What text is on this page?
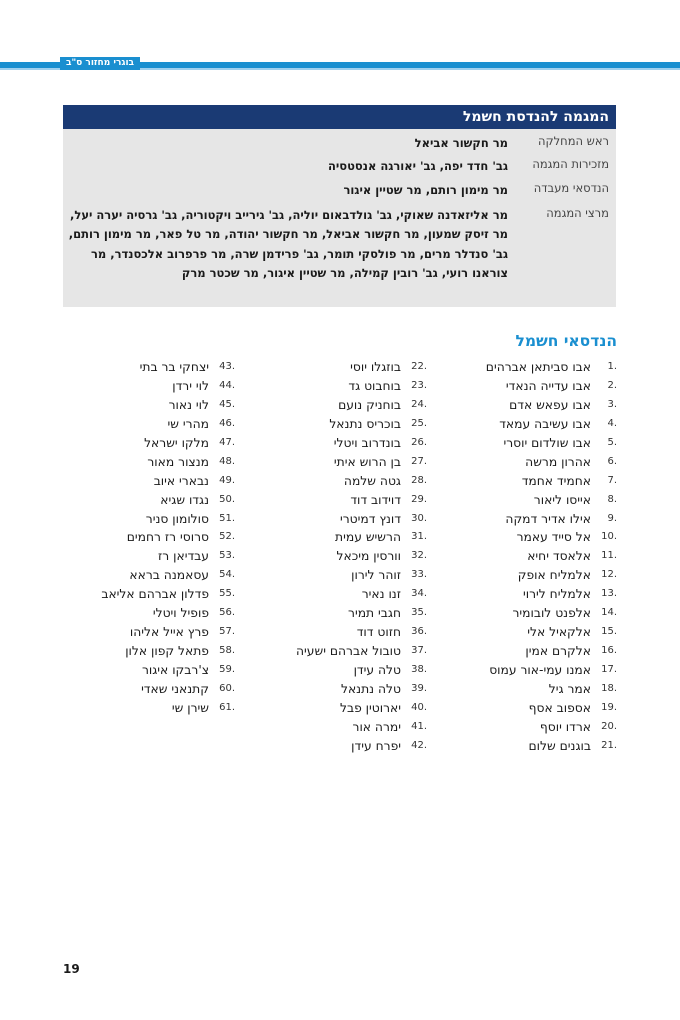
בוגרי מחזור ס"ב
המגמה להנדסת חשמל
ראש המחלקה
מר חקשור אביאל
מזכירות המגמה
גב' חדד יפה, גב' יאורגה אנסטסיה
הנדסאי מעבדה
מר מימון רותם, מר שטיין איגור
מרצי המגמה
מר אליזאדנה שאוקי, גב' גולדבאום יוליה, גב' גירייב ויקטוריה, גב' גרסיה יערה יעל, מר זיסק שמעון, מר חקשור אביאל, מר חקשור יהודה, מר טל פאר, מר מימון רותם, גב' סנדלר מרים, מר פולסקי תומר, גב' פרידמן שרה, מר פרפרוב אלכסנדר, מר צוראנו רועי, גב' רובין קמילה, מר שטיין איגור, מר שכטר מרק
הנדסאי חשמל
1.
אבו סביתאן אברהים
2.
אבו עדייה הנאדי
3.
אבו עפאש אדם
4.
אבו עשיבה עמאד
5.
אבו שולדום יוסרי
6.
אהרון מרשה
7.
אחמיד אחמד
8.
אייסו ליאור
9.
אילו אדיר דמקה
10.
אל סייד עאמר
11.
אלאסד יחיא
12.
אלמליח אופק
13.
אלמליח לירוי
14.
אלפנט לובומיר
15.
אלקאיל אלי
16.
אלקרם אמין
17.
אמנו עמי-אור עמוס
18.
אמר גיל
19.
אספוב אסף
20.
ארדו יוסף
21.
בוגנים שלום
22.
בוזגלו יוסי
23.
בוחבוט גד
24.
בוחניק נועם
25.
בוכריס נתנאל
26.
בונדרוב ויטלי
27.
בן הרוש איתי
28.
גטה שלמה
29.
דוידוב דוד
30.
דונץ דמיטרי
31.
הרשיש עמית
32.
וורסין מיכאל
33.
זוהר לירון
34.
זנו נאיר
35.
חגבי תמיר
36.
חזוט דוד
37.
טובול אברהם ישעיה
38.
טלה עידן
39.
טלה נתנאל
40.
יארוטין פבל
41.
ימרה אור
42.
יפרח עידן
43.
יצחקי בר בתי
44.
לוי ירדן
45.
לוי נאור
46.
מהרי שי
47.
מלקו ישראל
48.
מנצור מאור
49.
נבארי איוב
50.
נגדו שגיא
51.
סולומון סניר
52.
סרוסי רז רחמים
53.
עבדיאן רז
54.
עסאמנה בראא
55.
פדלון אברהם אליאב
56.
פופיל ויטלי
57.
פרץ אייל אליהו
58.
פתאל קפון אלון
59.
צ'רבקו איגור
60.
קתנאני שאדי
61.
שירן שי
19
